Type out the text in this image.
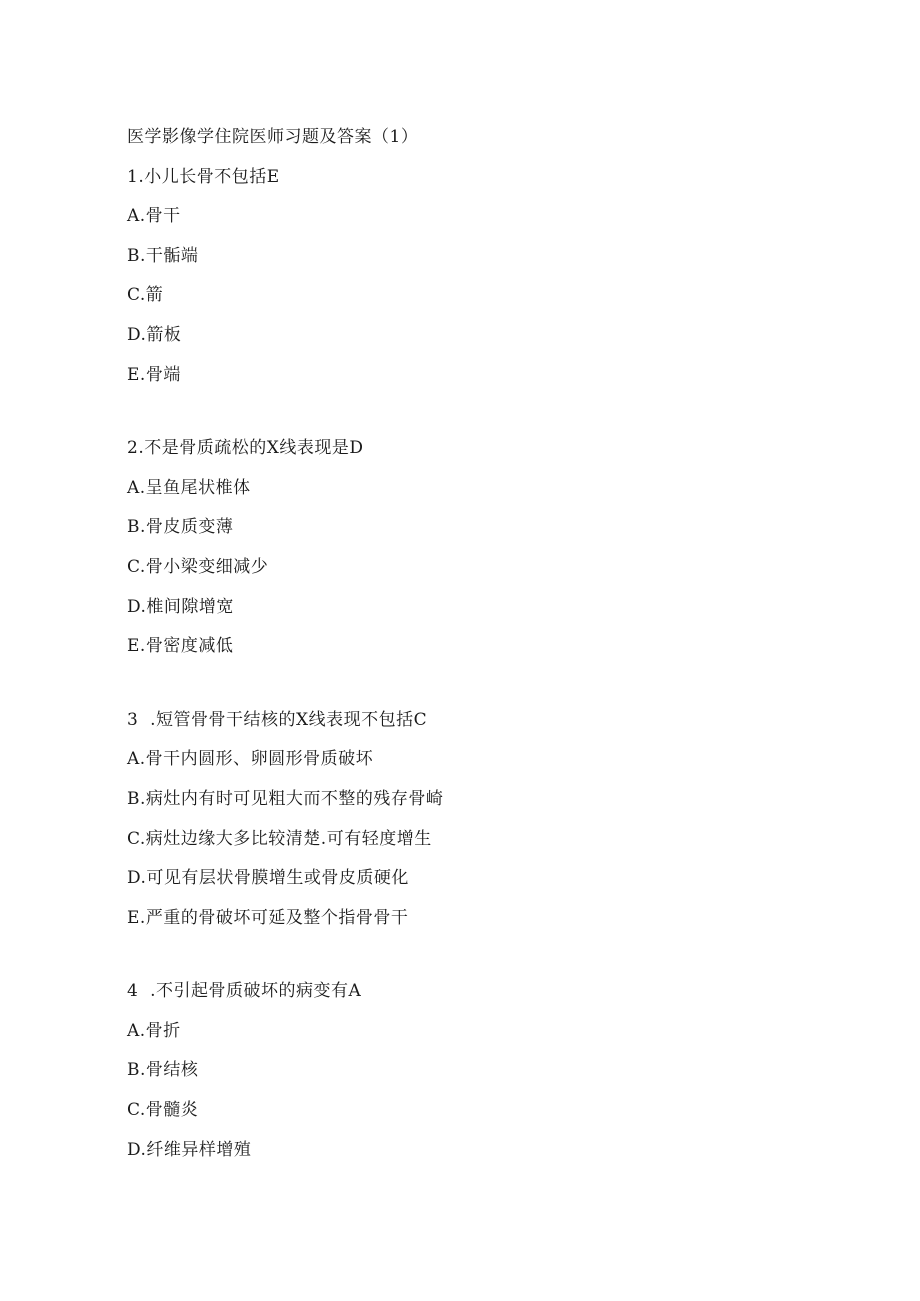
医学影像学住院医师习题及答案（1）
1.小儿长骨不包括E
A.骨干
B.干骺端
C.箭
D.箭板
E.骨端
2.不是骨质疏松的X线表现是D
A.呈鱼尾状椎体
B.骨皮质变薄
C.骨小梁变细减少
D.椎间隙增宽
E.骨密度减低
3  .短管骨骨干结核的X线表现不包括C
A.骨干内圆形、卵圆形骨质破坏
B.病灶内有时可见粗大而不整的残存骨崎
C.病灶边缘大多比较清楚.可有轻度增生
D.可见有层状骨膜增生或骨皮质硬化
E.严重的骨破坏可延及整个指骨骨干
4  .不引起骨质破坏的病变有A
A.骨折
B.骨结核
C.骨髓炎
D.纤维异样增殖
